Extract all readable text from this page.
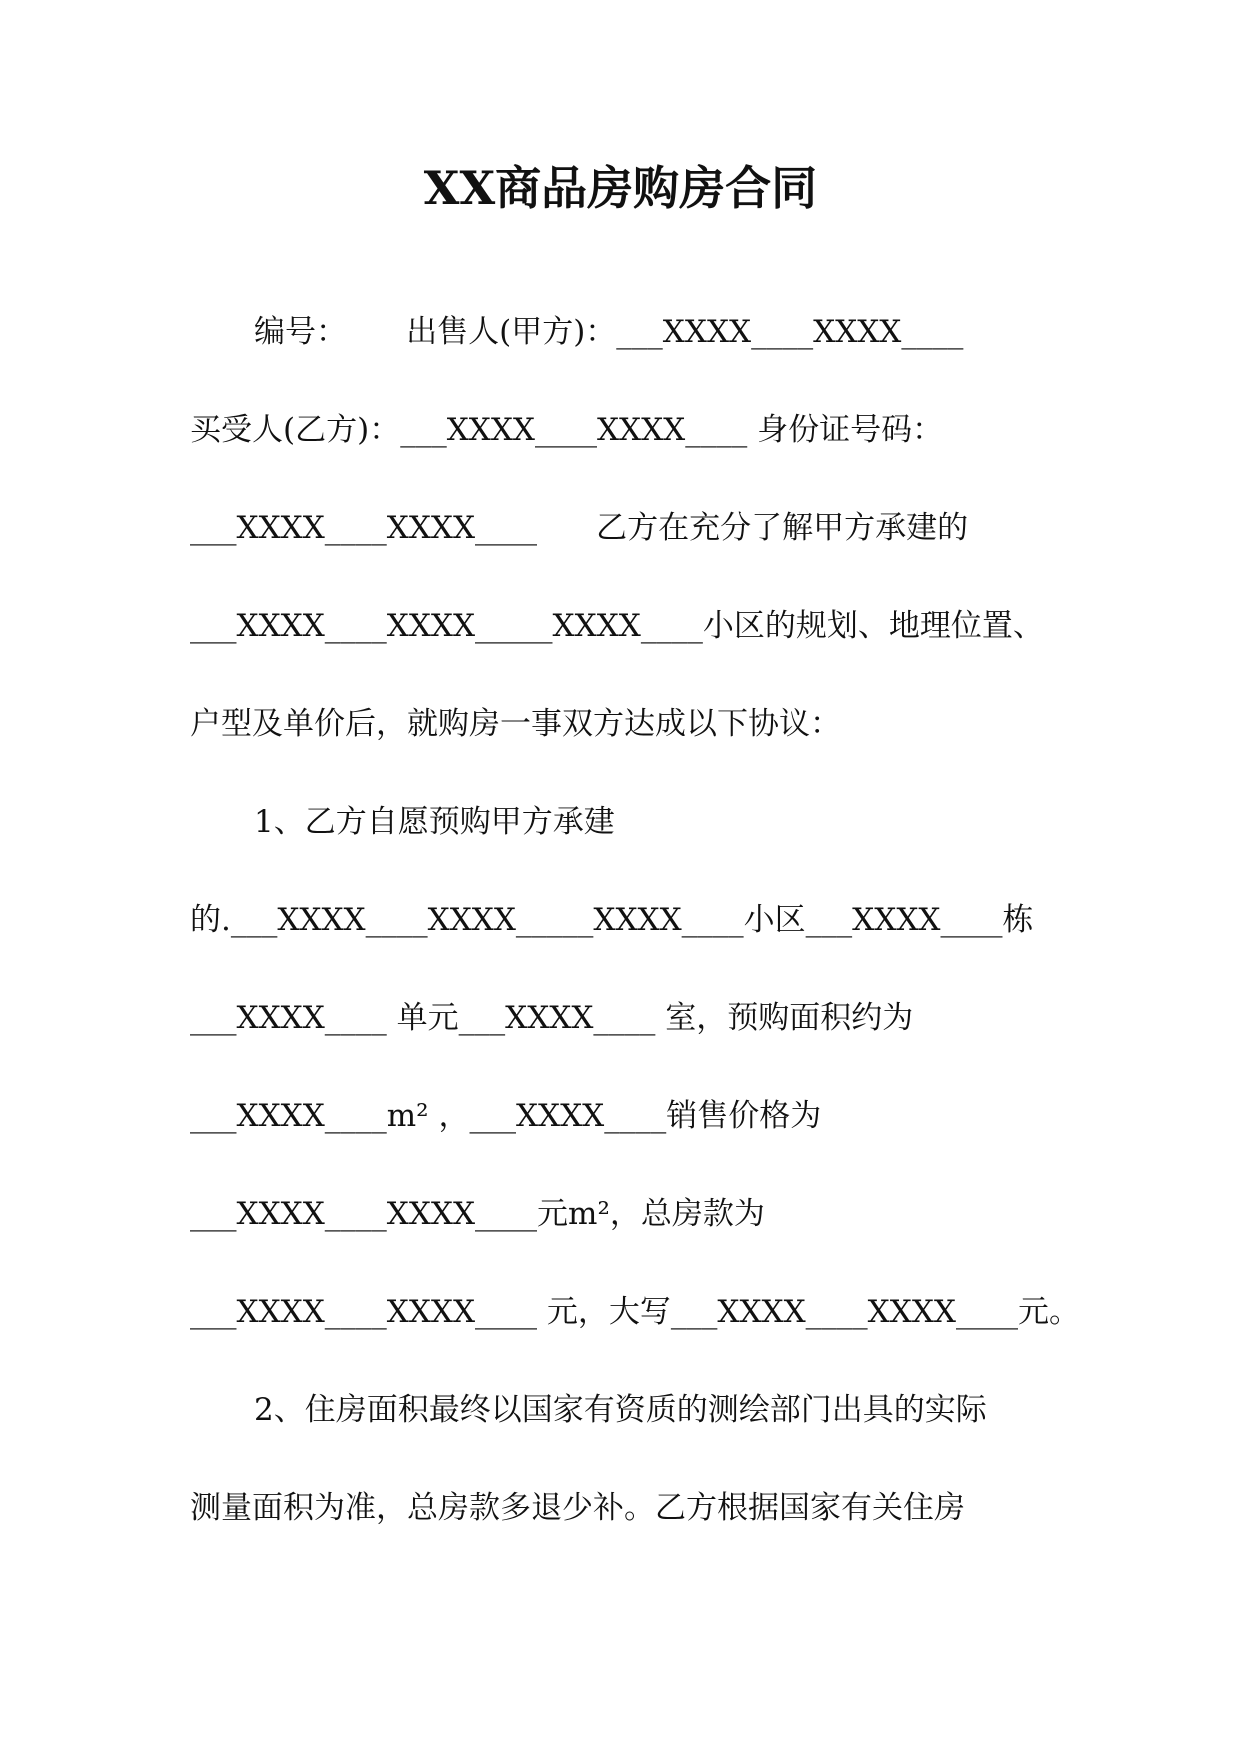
XX商品房购房合同
编号：      出售人(甲方)：___XXXX____XXXX____
买受人(乙方)：___XXXX____XXXX____ 身份证号码：
___XXXX____XXXX____      乙方在充分了解甲方承建的
___XXXX____XXXX_____XXXX____小区的规划、地理位置、
户型及单价后，就购房一事双方达成以下协议：
1、乙方自愿预购甲方承建
的.___XXXX____XXXX_____XXXX____小区___XXXX____栋
___XXXX____ 单元___XXXX____ 室，预购面积约为
___XXXX____m² ，___XXXX____销售价格为
___XXXX____XXXX____元m²，总房款为
___XXXX____XXXX____ 元，大写___XXXX____XXXX____元。
2、住房面积最终以国家有资质的测绘部门出具的实际
测量面积为准，总房款多退少补。乙方根据国家有关住房
